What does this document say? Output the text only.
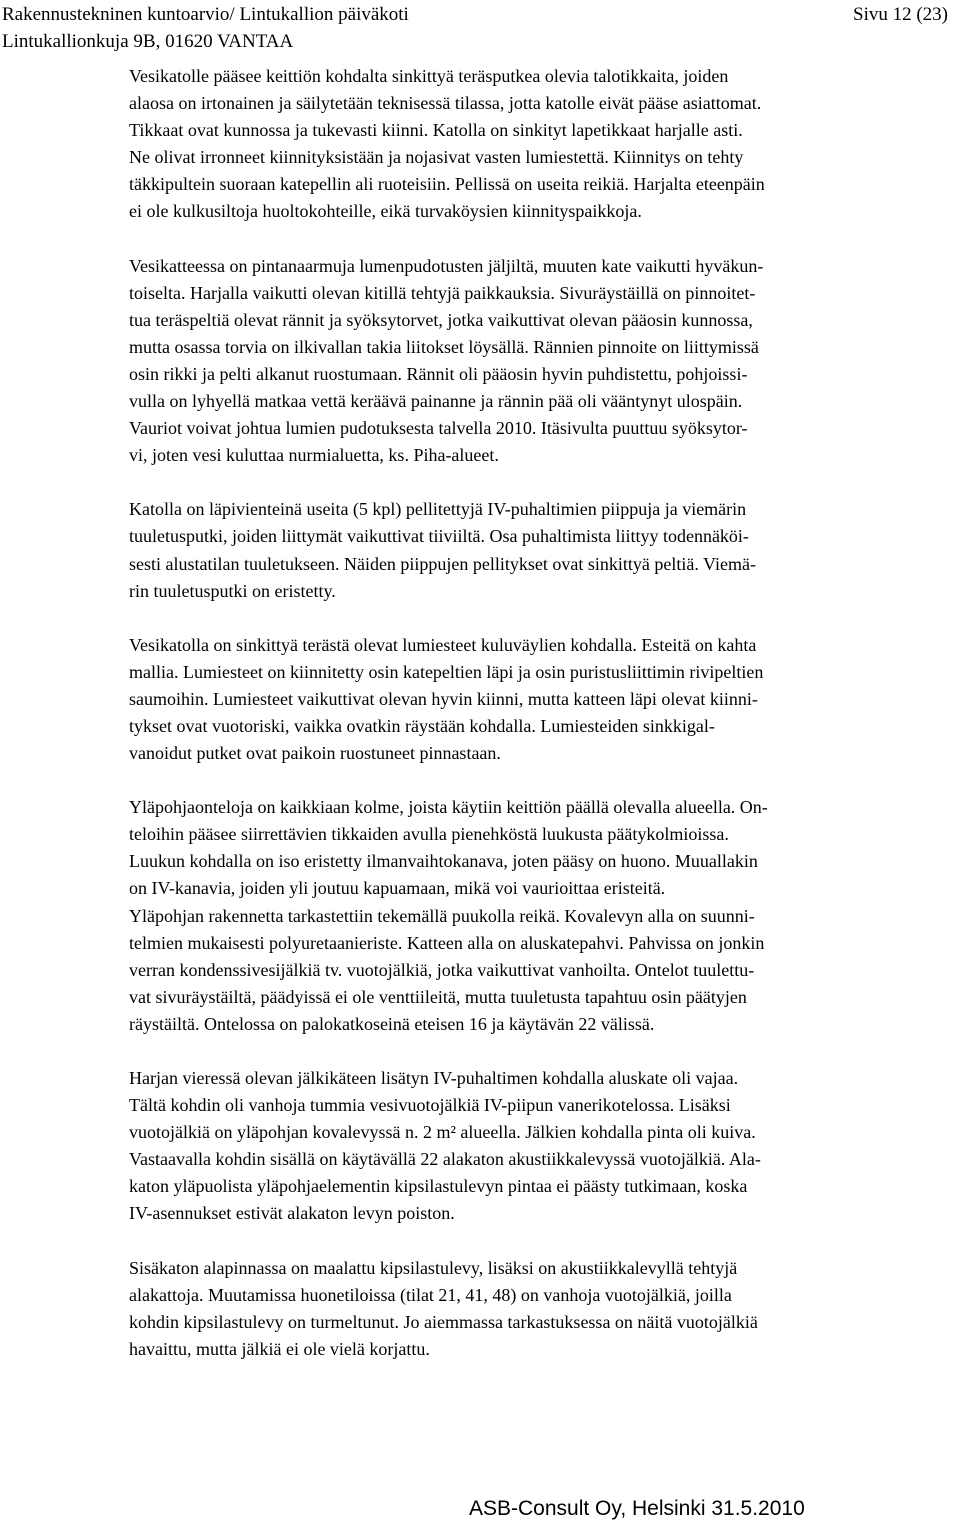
Rakennustekninen kuntoarvio/ Lintukallion päiväkoti
Lintukallionkuja 9B, 01620 VANTAA
Sivu 12 (23)
Vesikatolle pääsee keittiön kohdalta sinkittyä teräsputkea olevia talotikkaita, joiden
alaosa on irtonainen ja säilytetään teknisessä tilassa, jotta katolle eivät pääse asiattomat.
Tikkaat ovat kunnossa ja tukevasti kiinni. Katolla on sinkityt lapetikkaat harjalle asti.
Ne olivat irronneet kiinnityksistään ja nojasivat vasten lumiestettä. Kiinnitys on tehty
täkkipultein suoraan katepellin ali ruoteisiin. Pellissä on useita reikiä. Harjalta eteenpäin
ei ole kulkusiltoja huoltokohteille, eikä turvaköysien kiinnityspaikkoja.
Vesikatteessa on pintanaarmuja lumenpudotusten jäljiltä, muuten kate vaikutti hyväkun-
toiselta. Harjalla vaikutti olevan kitillä tehtyjä paikkauksia. Sivuräystäillä on pinnoitet-
tua teräspeltiä olevat rännit ja syöksytorvet, jotka vaikuttivat olevan pääosin kunnossa,
mutta osassa torvia on ilkivallan takia liitokset löysällä. Rännien pinnoite on liittymissä
osin rikki ja pelti alkanut ruostumaan. Rännit oli pääosin hyvin puhdistettu, pohjoissi-
vulla on lyhyellä matkaa vettä keräävä painanne ja rännin pää oli vääntynyt ulospäin.
Vauriot voivat johtua lumien pudotuksesta talvella 2010. Itäsivulta puuttuu syöksytor-
vi, joten vesi kuluttaa nurmialuetta, ks. Piha-alueet.
Katolla on läpivienteinä useita (5 kpl) pellitettyjä IV-puhaltimien piippuja ja viemärin
tuuletusputki, joiden liittymät vaikuttivat tiiviiltä. Osa puhaltimista liittyy todennäköi-
sesti alustatilan tuuletukseen. Näiden piippujen pellitykset ovat sinkittyä peltiä. Viemä-
rin tuuletusputki on eristetty.
Vesikatolla on sinkittyä terästä olevat lumiesteet kuluväylien kohdalla. Esteitä on kahta
mallia. Lumiesteet on kiinnitetty osin katepeltien läpi ja osin puristusliittimin rivipeltien
saumoihin. Lumiesteet vaikuttivat olevan hyvin kiinni, mutta katteen läpi olevat kiinni-
tykset ovat vuotoriski, vaikka ovatkin räystään kohdalla. Lumiesteiden sinkkigal-
vanoidut putket ovat paikoin ruostuneet pinnastaan.
Yläpohjaonteloja on kaikkiaan kolme, joista käytiin keittiön päällä olevalla alueella. On-
teloihin pääsee siirrettävien tikkaiden avulla pienehköstä luukusta päätykolmioissa.
Luukun kohdalla on iso eristetty ilmanvaihtokanava, joten pääsy on huono. Muuallakin
on IV-kanavia, joiden yli joutuu kapuamaan, mikä voi vaurioittaa eristeitä.
Yläpohjan rakennetta tarkastettiin tekemällä puukolla reikä. Kovalevyn alla on suunni-
telmien mukaisesti polyuretaanieriste. Katteen alla on aluskatepahvi. Pahvissa on jonkin
verran kondenssivesijälkiä tv. vuotojälkiä, jotka vaikuttivat vanhoilta. Ontelot tuulettu-
vat sivuräystäiltä, päädyissä ei ole venttiileitä, mutta tuuletusta tapahtuu osin päätyjen
räystäiltä. Ontelossa on palokatkoseinä eteisen 16 ja käytävän 22 välissä.
Harjan vieressä olevan jälkikäteen lisätyn IV-puhaltimen kohdalla aluskate oli vajaa.
Tältä kohdin oli vanhoja tummia vesivuotojälkiä IV-piipun vanerikotelossa. Lisäksi
vuotojälkiä on yläpohjan kovalevyssä n. 2 m² alueella. Jälkien kohdalla pinta oli kuiva.
Vastaavalla kohdin sisällä on käytävällä 22 alakaton akustiikkalevyssä vuotojälkiä. Ala-
katon yläpuolista yläpohjaelementin kipsilastulevyn pintaa ei päästy tutkimaan, koska
IV-asennukset estivät alakaton levyn poiston.
Sisäkaton alapinnassa on maalattu kipsilastulevy, lisäksi on akustiikkalevyllä tehtyjä
alakattoja. Muutamissa huonetiloissa (tilat 21, 41, 48) on vanhoja vuotojälkiä, joilla
kohdin kipsilastulevy on turmeltunut. Jo aiemmassa tarkastuksessa on näitä vuotojälkiä
havaittu, mutta jälkiä ei ole vielä korjattu.
ASB-Consult Oy, Helsinki 31.5.2010
